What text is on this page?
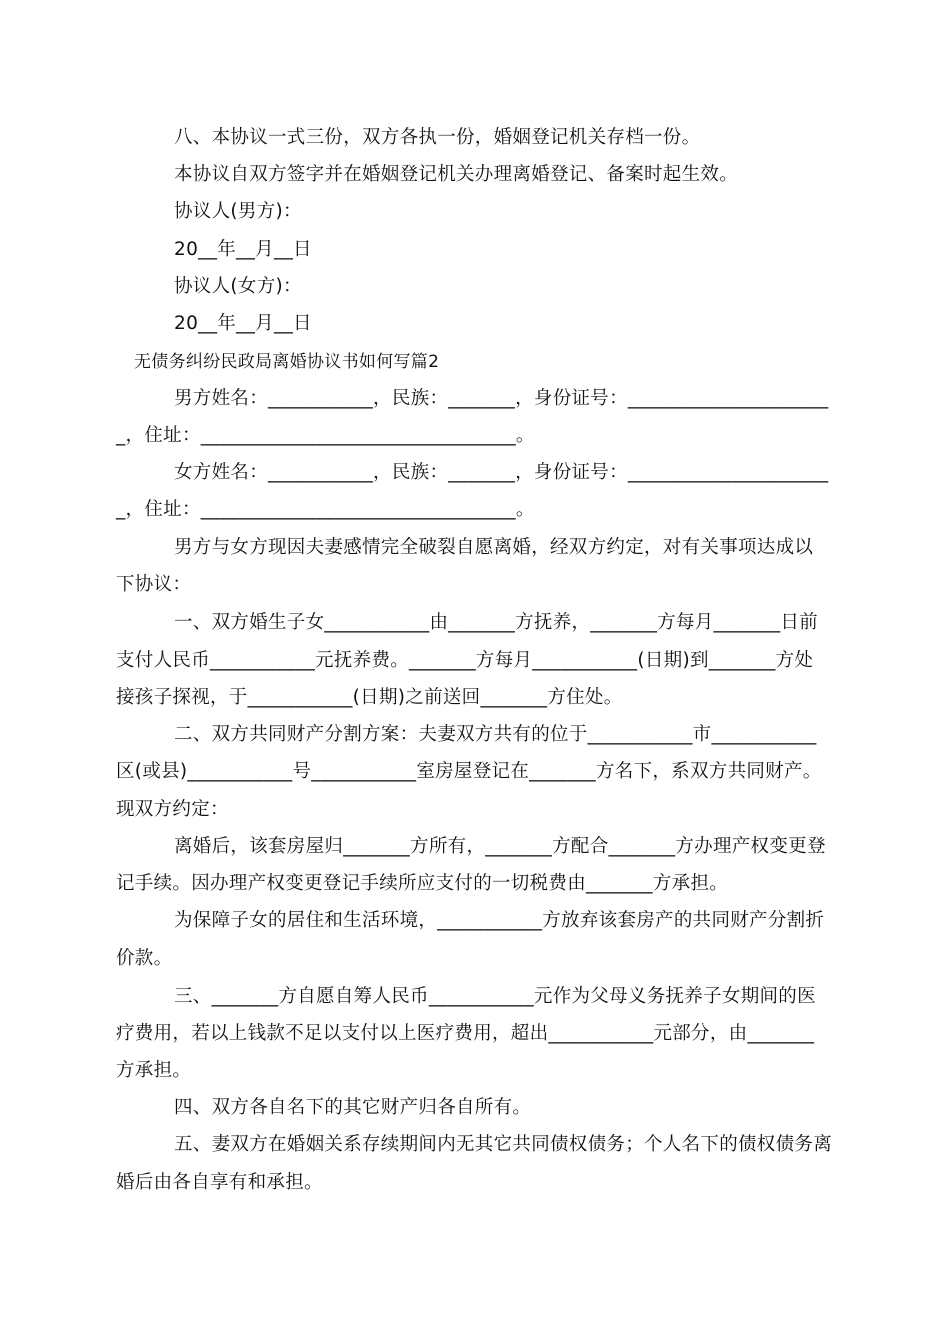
八、本协议一式三份，双方各执一份，婚姻登记机关存档一份。
本协议自双方签字并在婚姻登记机关办理离婚登记、备案时起生效。
协议人(男方)：
20__年__月__日
协议人(女方)：
20__年__月__日
无债务纠纷民政局离婚协议书如何写篇2
男方姓名：___________，民族：_______，身份证号：_____________________
_，住址：_________________________________。
女方姓名：___________，民族：_______，身份证号：_____________________
_，住址：_________________________________。
男方与女方现因夫妻感情完全破裂自愿离婚，经双方约定，对有关事项达成以
下协议：
一、双方婚生子女___________由_______方抚养，_______方每月_______日前
支付人民币___________元抚养费。_______方每月___________(日期)到_______方处
接孩子探视，于___________(日期)之前送回_______方住处。
二、双方共同财产分割方案：夫妻双方共有的位于___________市___________
区(或县)___________号___________室房屋登记在_______方名下，系双方共同财产。
现双方约定：
离婚后，该套房屋归_______方所有，_______方配合_______方办理产权变更登
记手续。因办理产权变更登记手续所应支付的一切税费由_______方承担。
为保障子女的居住和生活环境，___________方放弃该套房产的共同财产分割折
价款。
三、_______方自愿自筹人民币___________元作为父母义务抚养子女期间的医
疗费用，若以上钱款不足以支付以上医疗费用，超出___________元部分，由_______
方承担。
四、双方各自名下的其它财产归各自所有。
五、妻双方在婚姻关系存续期间内无其它共同债权债务；个人名下的债权债务离
婚后由各自享有和承担。
